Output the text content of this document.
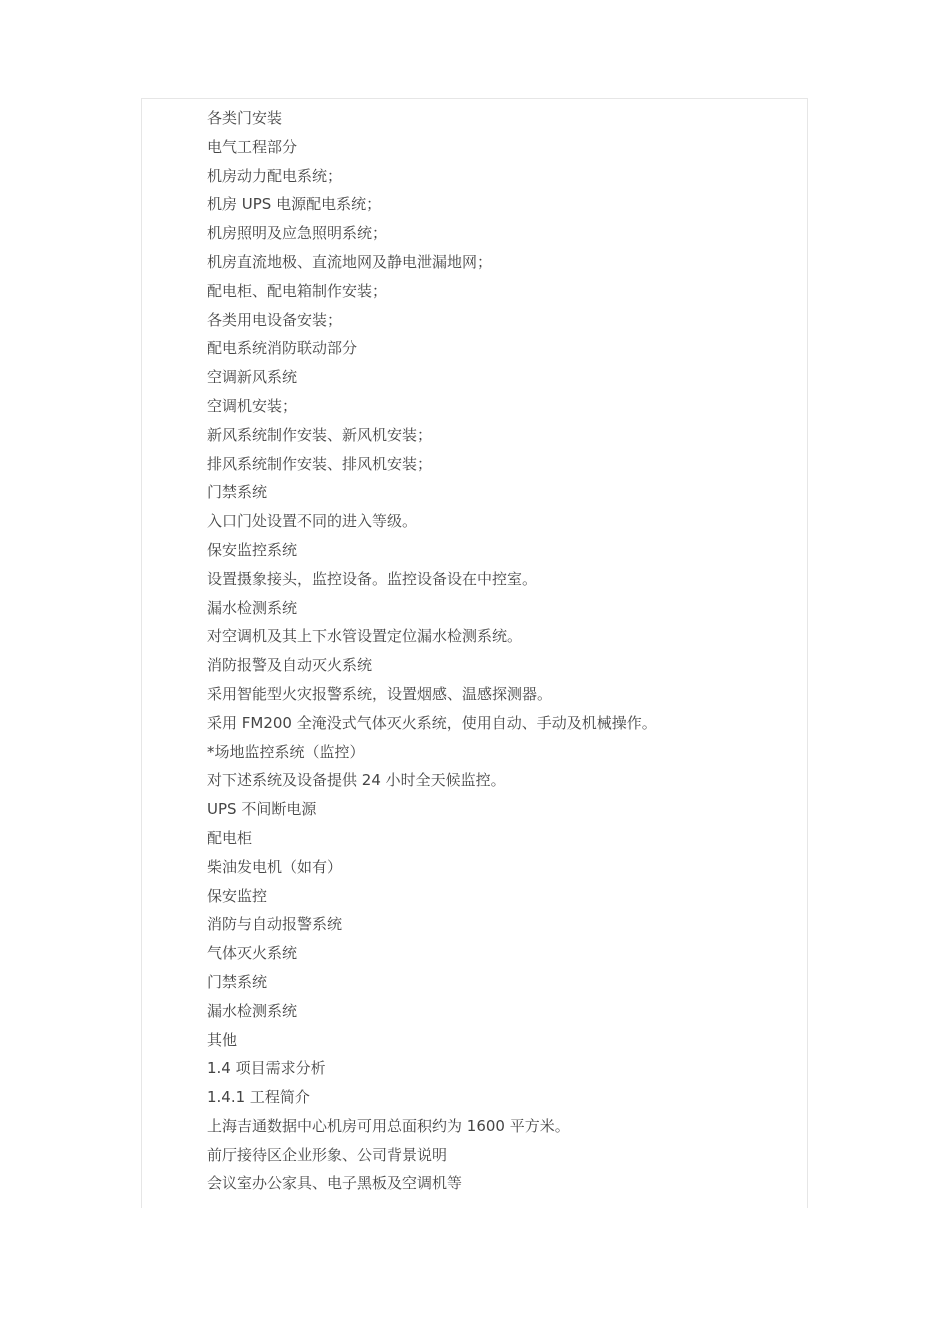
各类门安装
电气工程部分
机房动力配电系统；
机房 UPS 电源配电系统；
机房照明及应急照明系统；
机房直流地极、直流地网及静电泄漏地网；
配电柜、配电箱制作安装；
各类用电设备安装；
配电系统消防联动部分
空调新风系统
空调机安装；
新风系统制作安装、新风机安装；
排风系统制作安装、排风机安装；
门禁系统
入口门处设置不同的进入等级。
保安监控系统
设置摄象接头，监控设备。监控设备设在中控室。
漏水检测系统
对空调机及其上下水管设置定位漏水检测系统。
消防报警及自动灭火系统
采用智能型火灾报警系统，设置烟感、温感探测器。
采用 FM200 全淹没式气体灭火系统，使用自动、手动及机械操作。
*场地监控系统（监控）
对下述系统及设备提供 24 小时全天候监控。
UPS 不间断电源
配电柜
柴油发电机（如有）
保安监控
消防与自动报警系统
气体灭火系统
门禁系统
漏水检测系统
其他
1.4 项目需求分析
1.4.1 工程简介
上海吉通数据中心机房可用总面积约为 1600 平方米。
前厅接待区企业形象、公司背景说明
会议室办公家具、电子黑板及空调机等
